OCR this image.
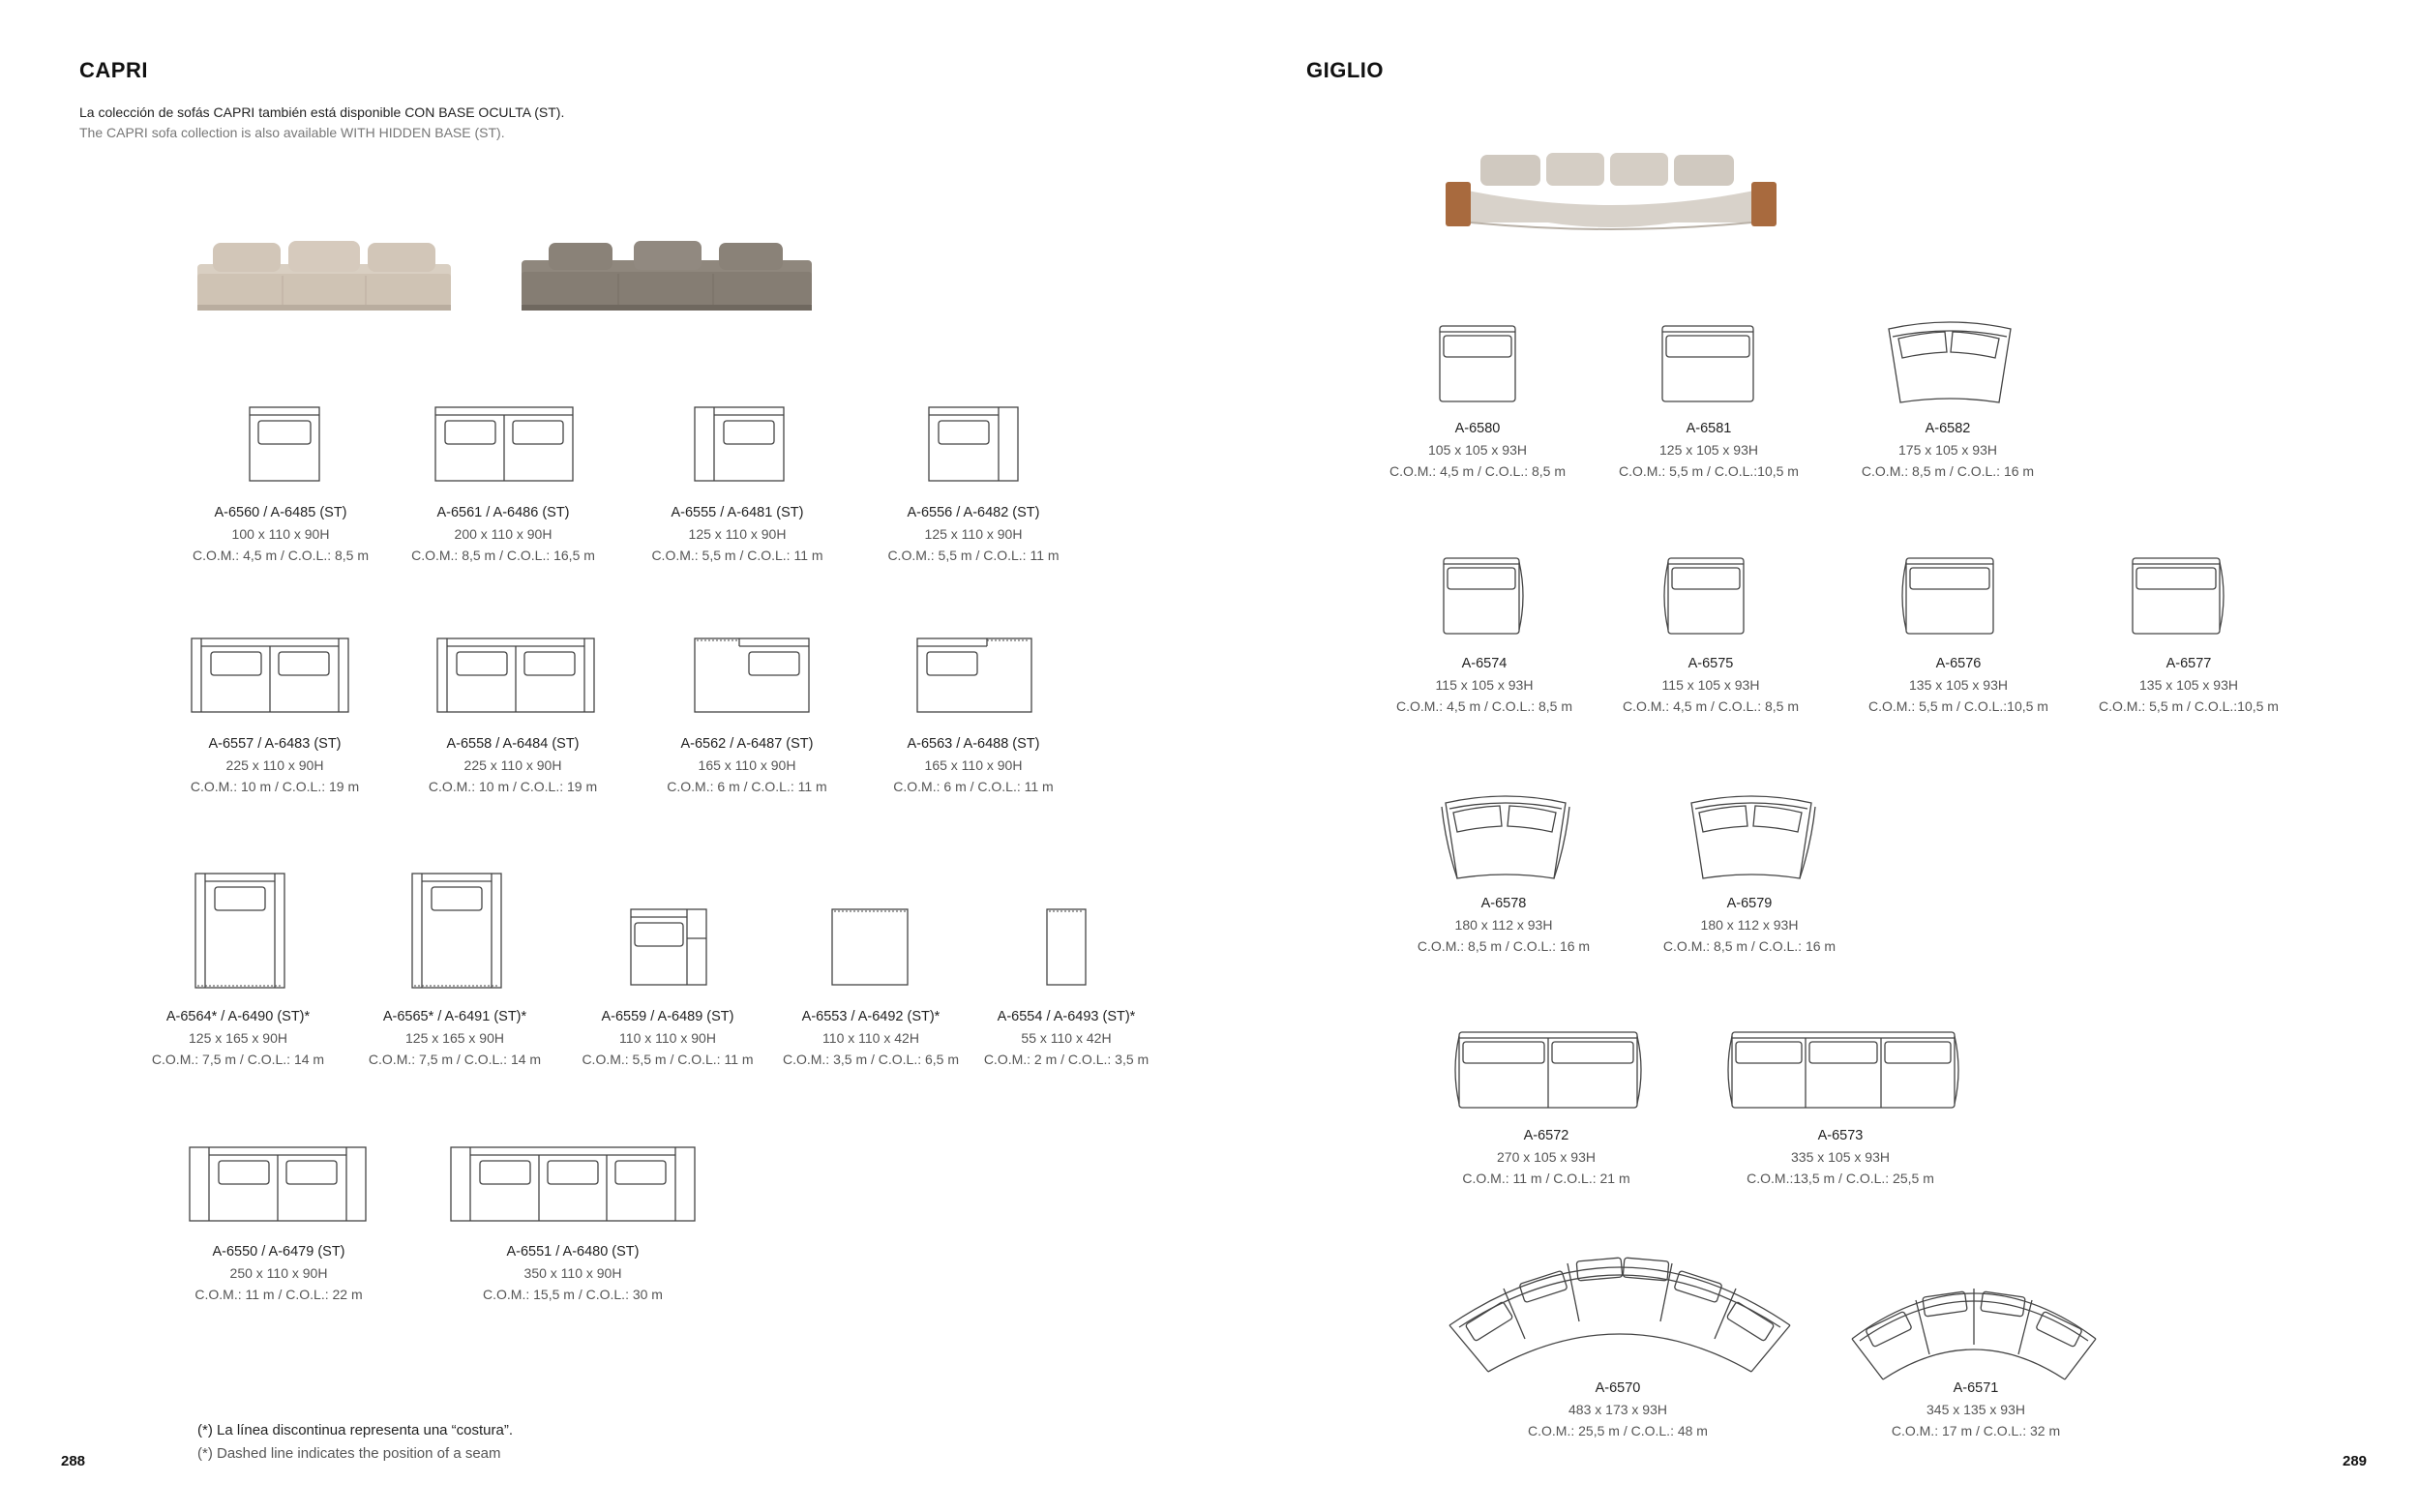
CAPRI
La colección de sofás CAPRI también está disponible CON BASE OCULTA (ST).
The CAPRI sofa collection is also available WITH HIDDEN BASE (ST).
A-6560 / A-6485 (ST)
100 x 110 x 90H
C.O.M.: 4,5 m / C.O.L.: 8,5 m
A-6561 / A-6486 (ST)
200 x 110 x 90H
C.O.M.: 8,5 m / C.O.L.: 16,5 m
A-6555 / A-6481 (ST)
125 x 110 x 90H
C.O.M.: 5,5 m / C.O.L.: 11 m
A-6556 / A-6482 (ST)
125 x 110 x 90H
C.O.M.: 5,5 m / C.O.L.: 11 m
A-6557 / A-6483 (ST)
225 x 110 x 90H
C.O.M.: 10 m / C.O.L.: 19 m
A-6558 / A-6484 (ST)
225 x 110 x 90H
C.O.M.: 10 m / C.O.L.: 19 m
A-6562 / A-6487 (ST)
165 x 110 x 90H
C.O.M.: 6 m / C.O.L.: 11 m
A-6563 / A-6488 (ST)
165 x 110 x 90H
C.O.M.: 6 m / C.O.L.: 11 m
A-6564* / A-6490 (ST)*
125 x 165 x 90H
C.O.M.: 7,5 m / C.O.L.: 14 m
A-6565* / A-6491 (ST)*
125 x 165 x 90H
C.O.M.: 7,5 m / C.O.L.: 14 m
A-6559 / A-6489 (ST)
110 x 110 x 90H
C.O.M.: 5,5 m / C.O.L.: 11 m
A-6553 / A-6492 (ST)*
110 x 110 x 42H
C.O.M.: 3,5 m / C.O.L.: 6,5 m
A-6554 / A-6493 (ST)*
55 x 110 x 42H
C.O.M.: 2 m / C.O.L.: 3,5 m
A-6550 / A-6479 (ST)
250 x 110 x 90H
C.O.M.: 11 m / C.O.L.: 22 m
A-6551 / A-6480 (ST)
350 x 110 x 90H
C.O.M.: 15,5 m / C.O.L.: 30 m
(*) La línea discontinua representa una “costura”.
(*) Dashed line indicates the position of a seam
288
GIGLIO
A-6580
105 x 105 x 93H
C.O.M.: 4,5 m / C.O.L.: 8,5 m
A-6581
125 x 105 x 93H
C.O.M.: 5,5 m / C.O.L.:10,5 m
A-6582
175 x 105 x 93H
C.O.M.: 8,5 m / C.O.L.: 16 m
A-6574
115 x 105 x 93H
C.O.M.: 4,5 m / C.O.L.: 8,5 m
A-6575
115 x 105 x 93H
C.O.M.: 4,5 m / C.O.L.: 8,5 m
A-6576
135 x 105 x 93H
C.O.M.: 5,5 m / C.O.L.:10,5 m
A-6577
135 x 105 x 93H
C.O.M.: 5,5 m / C.O.L.:10,5 m
A-6578
180 x 112 x 93H
C.O.M.: 8,5 m / C.O.L.: 16 m
A-6579
180 x 112 x 93H
C.O.M.: 8,5 m / C.O.L.: 16 m
A-6572
270 x 105 x 93H
C.O.M.: 11 m / C.O.L.: 21 m
A-6573
335 x 105 x 93H
C.O.M.:13,5 m / C.O.L.: 25,5 m
A-6570
483 x 173 x 93H
C.O.M.: 25,5 m / C.O.L.: 48 m
A-6571
345 x 135 x 93H
C.O.M.: 17 m / C.O.L.: 32 m
289
